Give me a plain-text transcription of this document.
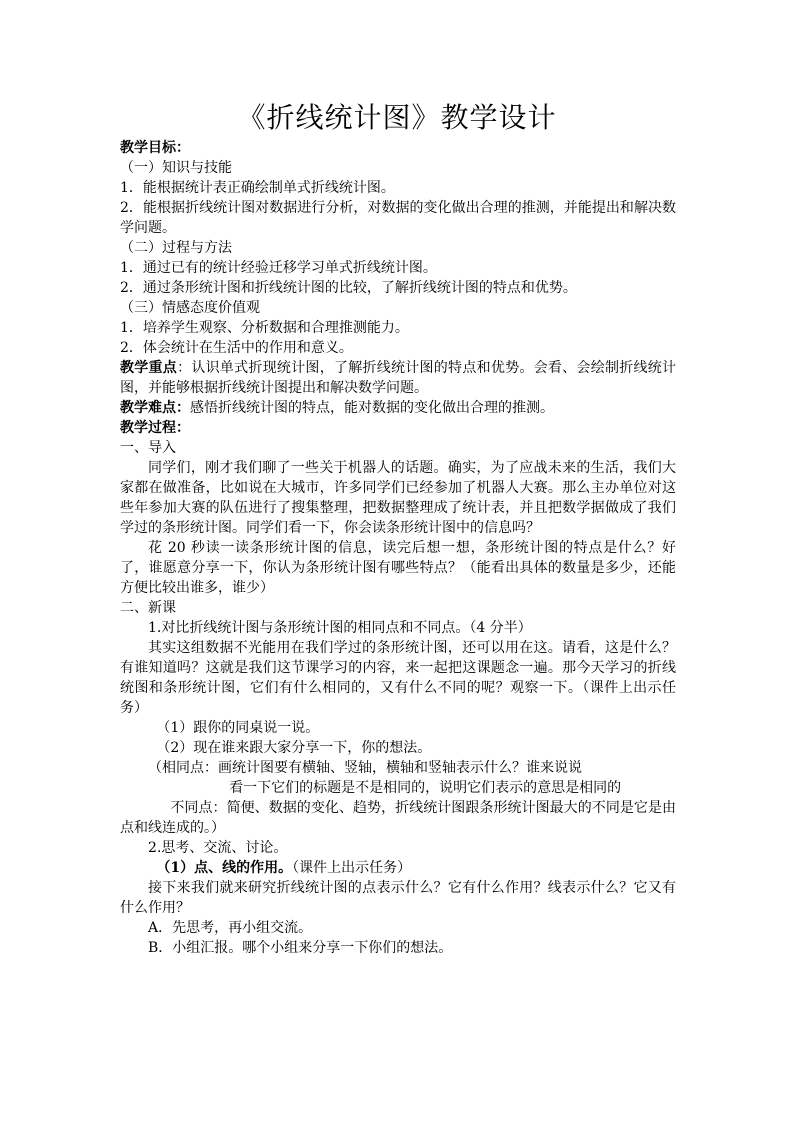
《折线统计图》教学设计

教学目标：

（一）知识与技能

1．能根据统计表正确绘制单式折线统计图。

2．能根据折线统计图对数据进行分析，对数据的变化做出合理的推测，并能提出和解决数学问题。

（二）过程与方法

1．通过已有的统计经验迁移学习单式折线统计图。

2．通过条形统计图和折线统计图的比较，了解折线统计图的特点和优势。

（三）情感态度价值观

1．培养学生观察、分析数据和合理推测能力。

2．体会统计在生活中的作用和意义。

教学重点：认识单式折现统计图，了解折线统计图的特点和优势。会看、会绘制折线统计图，并能够根据折线统计图提出和解决数学问题。

教学难点：感悟折线统计图的特点，能对数据的变化做出合理的推测。

教学过程：

一、导入

同学们，刚才我们聊了一些关于机器人的话题。确实，为了应战未来的生活，我们大家都在做准备，比如说在大城市，许多同学们已经参加了机器人大赛。那么主办单位对这些年参加大赛的队伍进行了搜集整理，把数据整理成了统计表，并且把数学据做成了我们学过的条形统计图。同学们看一下，你会读条形统计图中的信息吗？

花 20 秒读一读条形统计图的信息，读完后想一想，条形统计图的特点是什么？好了，谁愿意分享一下，你认为条形统计图有哪些特点？（能看出具体的数量是多少，还能方便比较出谁多，谁少）

二、新课

1.对比折线统计图与条形统计图的相同点和不同点。（4 分半）

其实这组数据不光能用在我们学过的条形统计图，还可以用在这。请看，这是什么？有谁知道吗？这就是我们这节课学习的内容，来一起把这课题念一遍。那今天学习的折线统图和条形统计图，它们有什么相同的，又有什么不同的呢？观察一下。（课件上出示任务）

（1）跟你的同桌说一说。

（2）现在谁来跟大家分享一下，你的想法。

（相同点：画统计图要有横轴、竖轴，横轴和竖轴表示什么？谁来说说

看一下它们的标题是不是相同的，说明它们表示的意思是相同的

不同点：简便、数据的变化、趋势，折线统计图跟条形统计图最大的不同是它是由点和线连成的。）

2.思考、交流、讨论。

（1）点、线的作用。（课件上出示任务）

接下来我们就来研究折线统计图的点表示什么？它有什么作用？线表示什么？它又有什么作用？

A．先思考，再小组交流。

B．小组汇报。哪个小组来分享一下你们的想法。
